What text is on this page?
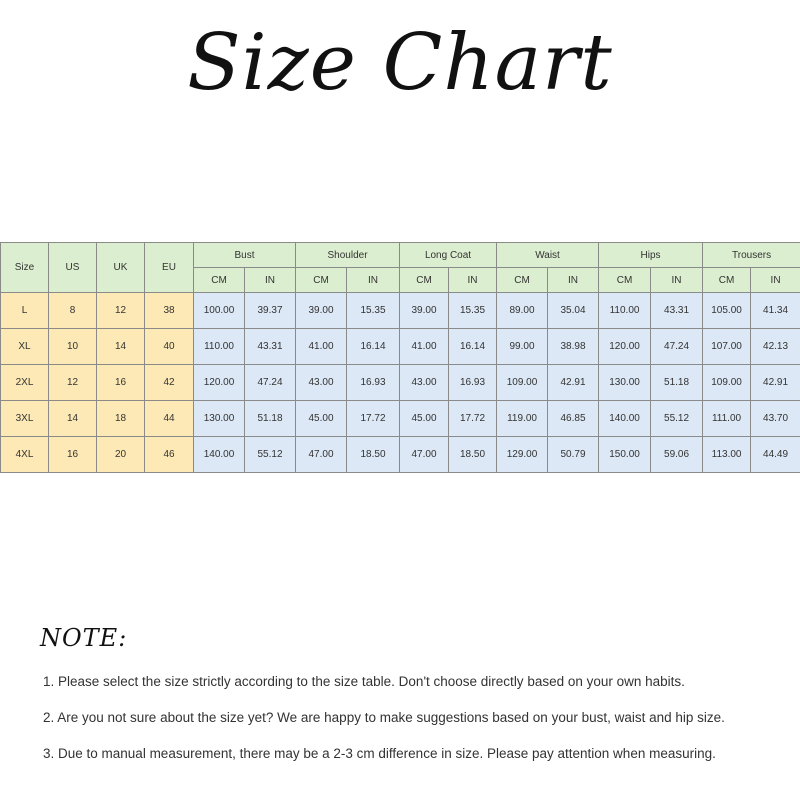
Size Chart
Size	US	UK	EU	Bust		Shoulder		Long Coat		Waist		Hips		Trousers	
				CM	IN	CM	IN	CM	IN	CM	IN	CM	IN	CM	IN
L	8	12	38	100.00	39.37	39.00	15.35	39.00	15.35	89.00	35.04	110.00	43.31	105.00	41.34
XL	10	14	40	110.00	43.31	41.00	16.14	41.00	16.14	99.00	38.98	120.00	47.24	107.00	42.13
2XL	12	16	42	120.00	47.24	43.00	16.93	43.00	16.93	109.00	42.91	130.00	51.18	109.00	42.91
3XL	14	18	44	130.00	51.18	45.00	17.72	45.00	17.72	119.00	46.85	140.00	55.12	111.00	43.70
4XL	16	20	46	140.00	55.12	47.00	18.50	47.00	18.50	129.00	50.79	150.00	59.06	113.00	44.49
NOTE:
1. Please select the size strictly according to the size table. Don't choose directly based on your own habits.
2. Are you not sure about the size yet? We are happy to make suggestions based on your bust, waist and hip size.
3. Due to manual measurement, there may be a 2-3 cm difference in size. Please pay attention when measuring.
